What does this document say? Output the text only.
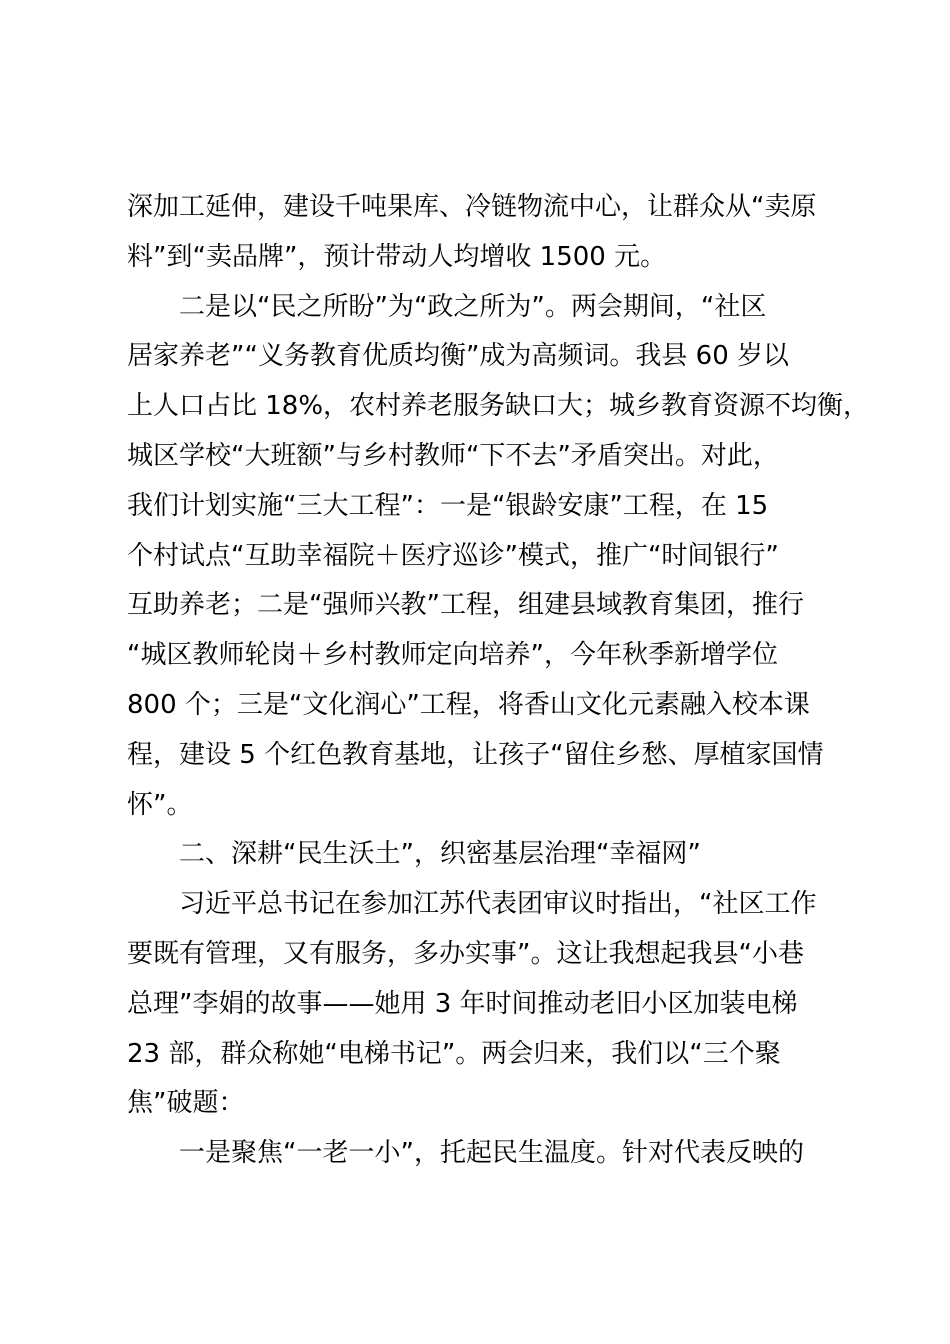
深加工延伸，建设千吨果库、冷链物流中心，让群众从“卖原
料”到“卖品牌”，预计带动人均增收 1500 元。
二是以“民之所盼”为“政之所为”。两会期间，“社区
居家养老”“义务教育优质均衡”成为高频词。我县 60 岁以
上人口占比 18%，农村养老服务缺口大；城乡教育资源不均衡，
城区学校“大班额”与乡村教师“下不去”矛盾突出。对此，
我们计划实施“三大工程”：一是“银龄安康”工程，在 15
个村试点“互助幸福院＋医疗巡诊”模式，推广“时间银行”
互助养老；二是“强师兴教”工程，组建县域教育集团，推行
“城区教师轮岗＋乡村教师定向培养”，今年秋季新增学位
800 个；三是“文化润心”工程，将香山文化元素融入校本课
程，建设 5 个红色教育基地，让孩子“留住乡愁、厚植家国情
怀”。
二、深耕“民生沃土”，织密基层治理“幸福网”
习近平总书记在参加江苏代表团审议时指出，“社区工作
要既有管理，又有服务，多办实事”。这让我想起我县“小巷
总理”李娟的故事——她用 3 年时间推动老旧小区加装电梯
23 部，群众称她“电梯书记”。两会归来，我们以“三个聚
焦”破题：
一是聚焦“一老一小”，托起民生温度。针对代表反映的
